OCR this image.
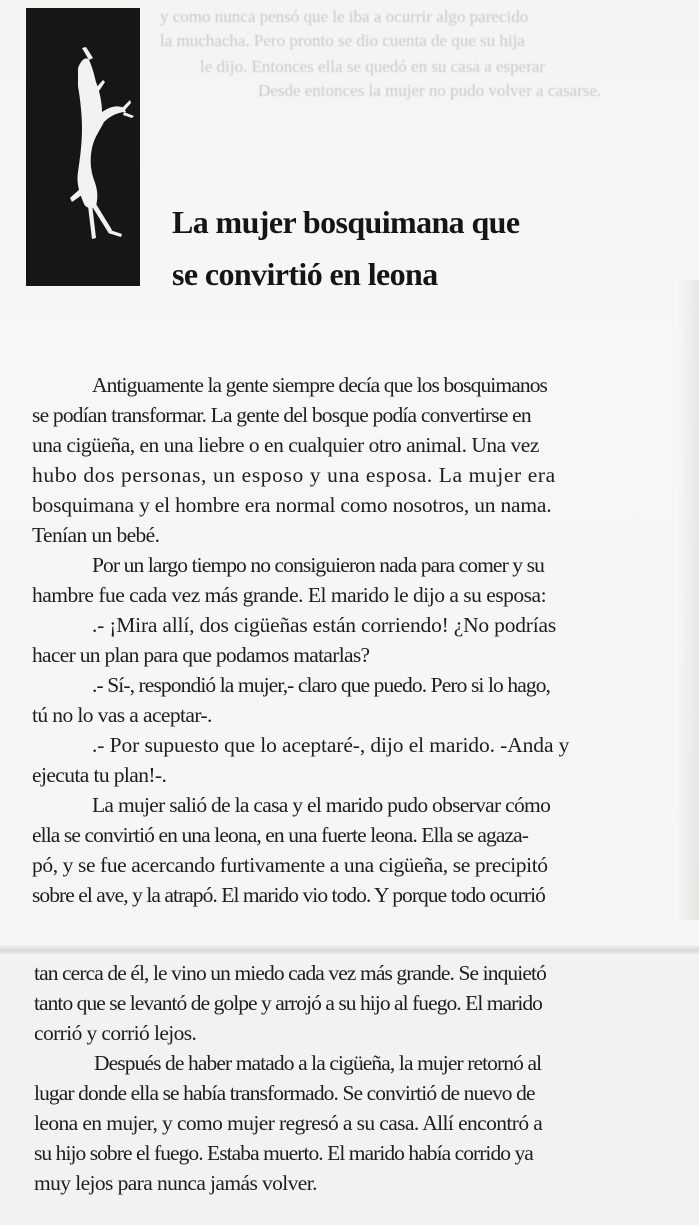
y como nunca pensó que le iba a ocurrir algo parecido
la muchacha. Pero pronto se dio cuenta de que su hija
le dijo. Entonces ella se quedó en su casa a esperar
Desde entonces la mujer no pudo volver a casarse.
La mujer bosquimana que
se convirtió en leona
Antiguamente la gente siempre decía que los bosquimanos
se podían transformar. La gente del bosque podía convertirse en
una cigüeña, en una liebre o en cualquier otro animal. Una vez
hubo dos personas, un esposo y una esposa. La mujer era
bosquimana y el hombre era normal como nosotros, un nama.
Tenían un bebé.
Por un largo tiempo no consiguieron nada para comer y su
hambre fue cada vez más grande. El marido le dijo a su esposa:
.- ¡Mira allí, dos cigüeñas están corriendo! ¿No podrías
hacer un plan para que podamos matarlas?
.- Sí-, respondió la mujer,- claro que puedo. Pero si lo hago,
tú no lo vas a aceptar-.
.- Por supuesto que lo aceptaré-, dijo el marido. -Anda y
ejecuta tu plan!-.
La mujer salió de la casa y el marido pudo observar cómo
ella se convirtió en una leona, en una fuerte leona. Ella se agaza-
pó, y se fue acercando furtivamente a una cigüeña, se precipitó
sobre el ave, y la atrapó. El marido vio todo. Y porque todo ocurrió
tan cerca de él, le vino un miedo cada vez más grande. Se inquietó
tanto que se levantó de golpe y arrojó a su hijo al fuego. El marido
corrió y corrió lejos.
Después de haber matado a la cigüeña, la mujer retornó al
lugar donde ella se había transformado. Se convirtió de nuevo de
leona en mujer, y como mujer regresó a su casa. Allí encontró a
su hijo sobre el fuego. Estaba muerto. El marido había corrido ya
muy lejos para nunca jamás volver.
